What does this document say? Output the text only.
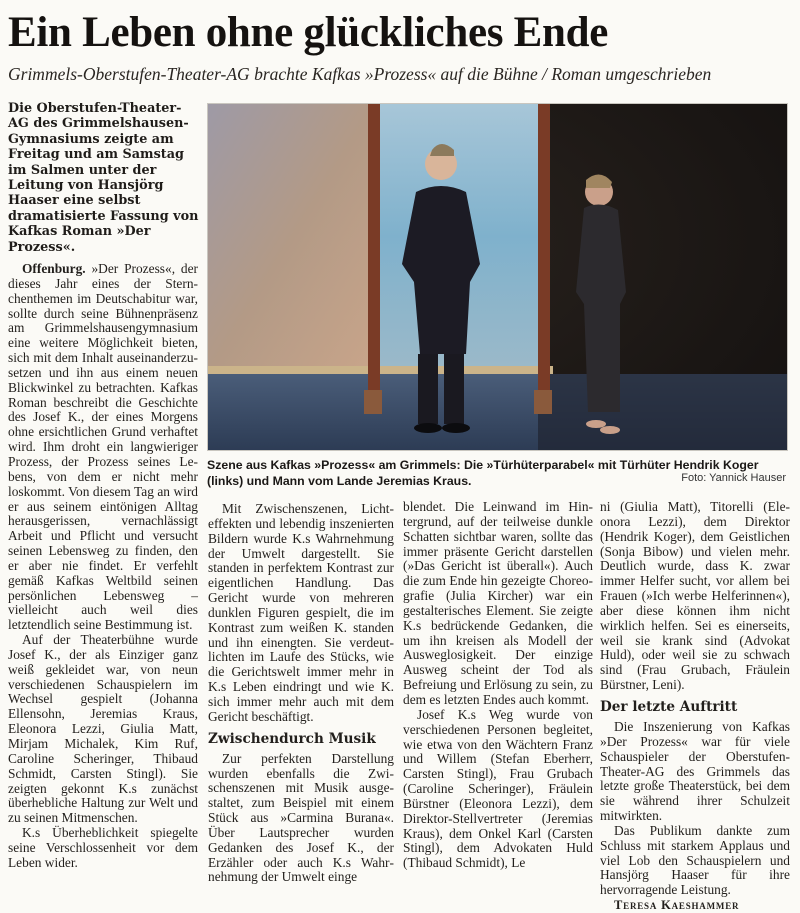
Ein Leben ohne glückliches Ende
Grimmels-Oberstufen-Theater-AG brachte Kafkas »Prozess« auf die Bühne / Roman umgeschrieben
Die Oberstufen-Theater-AG des Grimmelshausen-Gymnasiums zeigte am Freitag und am Samstag im Salmen unter der Leitung von Hansjörg Haaser eine selbst dramatisierte Fassung von Kafkas Roman »Der Prozess«.
Szene aus Kafkas »Prozess« am Grimmels: Die »Türhüterparabel« mit Türhüter Hendrik Koger (links) und Mann vom Lande Jeremias Kraus.	Foto: Yannick Hauser

Offenburg. »Der Prozess«, der dieses Jahr eines der Sternchenthemen im Deutschabitur war, sollte durch seine Bühnenpräsenz am Grimmelshausengymnasium eine weitere Möglichkeit bieten, sich mit dem Inhalt auseinanderzusetzen und ihn aus einem neuen Blickwinkel zu betrachten. Kafkas Roman beschreibt die Geschichte des Josef K., der eines Morgens ohne ersichtlichen Grund verhaftet wird. Ihm droht ein langwieriger Prozess, der Prozess seines Lebens, von dem er nicht mehr loskommt. Von diesem Tag an wird er aus seinem eintönigen Alltag herausgerissen, vernachlässigt Arbeit und Pflicht und versucht seinen Lebensweg zu finden, den er aber nie findet. Er verfehlt gemäß Kafkas Weltbild seinen persönlichen Lebensweg – vielleicht auch weil dies letztendlich seine Bestimmung ist.

Auf der Theaterbühne wurde Josef K., der als Einziger ganz weiß gekleidet war, von neun verschiedenen Schauspielern im Wechsel gespielt (Johanna Ellensohn, Jeremias Kraus, Eleonora Lezzi, Giulia Matt, Mirjam Michalek, Kim Ruf, Caroline Scheringer, Thibaud Schmidt, Carsten Stingl). Sie zeigten gekonnt K.s zunächst überhebliche Haltung zur Welt und zu seinen Mitmenschen.

K.s Überheblichkeit spiegelte seine Verschlossenheit vor dem Leben wider.

Mit Zwischenszenen, Lichteffekten und lebendig inszenierten Bildern wurde K.s Wahrnehmung der Umwelt dargestellt. Sie standen in perfektem Kontrast zur eigentlichen Handlung. Das Gericht wurde von mehreren dunklen Figuren gespielt, die im Kontrast zum weißen K. standen und ihn einengten. Sie verdeutlichten im Laufe des Stücks, wie die Gerichtswelt immer mehr in K.s Leben eindringt und wie K. sich immer mehr auch mit dem Gericht beschäftigt.

Zwischendurch Musik

Zur perfekten Darstellung wurden ebenfalls die Zwischenszenen mit Musik ausgestaltet, zum Beispiel mit einem Stück aus »Carmina Burana«. Über Lautsprecher wurden Gedanken des Josef K., der Erzähler oder auch K.s Wahrnehmung der Umwelt einge

blendet. Die Leinwand im Hintergrund, auf der teilweise dunkle Schatten sichtbar waren, sollte das immer präsente Gericht darstellen (»Das Gericht ist überall«). Auch die zum Ende hin gezeigte Choreografie (Julia Kircher) war ein gestalterisches Element. Sie zeigte K.s bedrückende Gedanken, die um ihn kreisen als Modell der Ausweglosigkeit. Der einzige Ausweg scheint der Tod als Befreiung und Erlösung zu sein, zu dem es letzten Endes auch kommt.

Josef K.s Weg wurde von verschiedenen Personen begleitet, wie etwa von den Wächtern Franz und Willem (Stefan Eberherr, Carsten Stingl), Frau Grubach (Caroline Scheringer), Fräulein Bürstner (Eleonora Lezzi), dem Direktor-Stellvertreter (Jeremias Kraus), dem Onkel Karl (Carsten Stingl), dem Advokaten Huld (Thibaud Schmidt), Le

ni (Giulia Matt), Titorelli (Eleonora Lezzi), dem Direktor (Hendrik Koger), dem Geistlichen (Sonja Bibow) und vielen mehr. Deutlich wurde, dass K. zwar immer Helfer sucht, vor allem bei Frauen (»Ich werbe Helferinnen«), aber diese können ihm nicht wirklich helfen. Sei es einerseits, weil sie krank sind (Advokat Huld), oder weil sie zu schwach sind (Frau Grubach, Fräulein Bürstner, Leni).

Der letzte Auftritt

Die Inszenierung von Kafkas »Der Prozess« war für viele Schauspieler der Oberstufen-Theater-AG des Grimmels das letzte große Theaterstück, bei dem sie während ihrer Schulzeit mitwirkten.

Das Publikum dankte zum Schluss mit starkem Applaus und viel Lob den Schauspielern und Hansjörg Haaser für ihre hervorragende Leistung.

Teresa Kaeshammer
